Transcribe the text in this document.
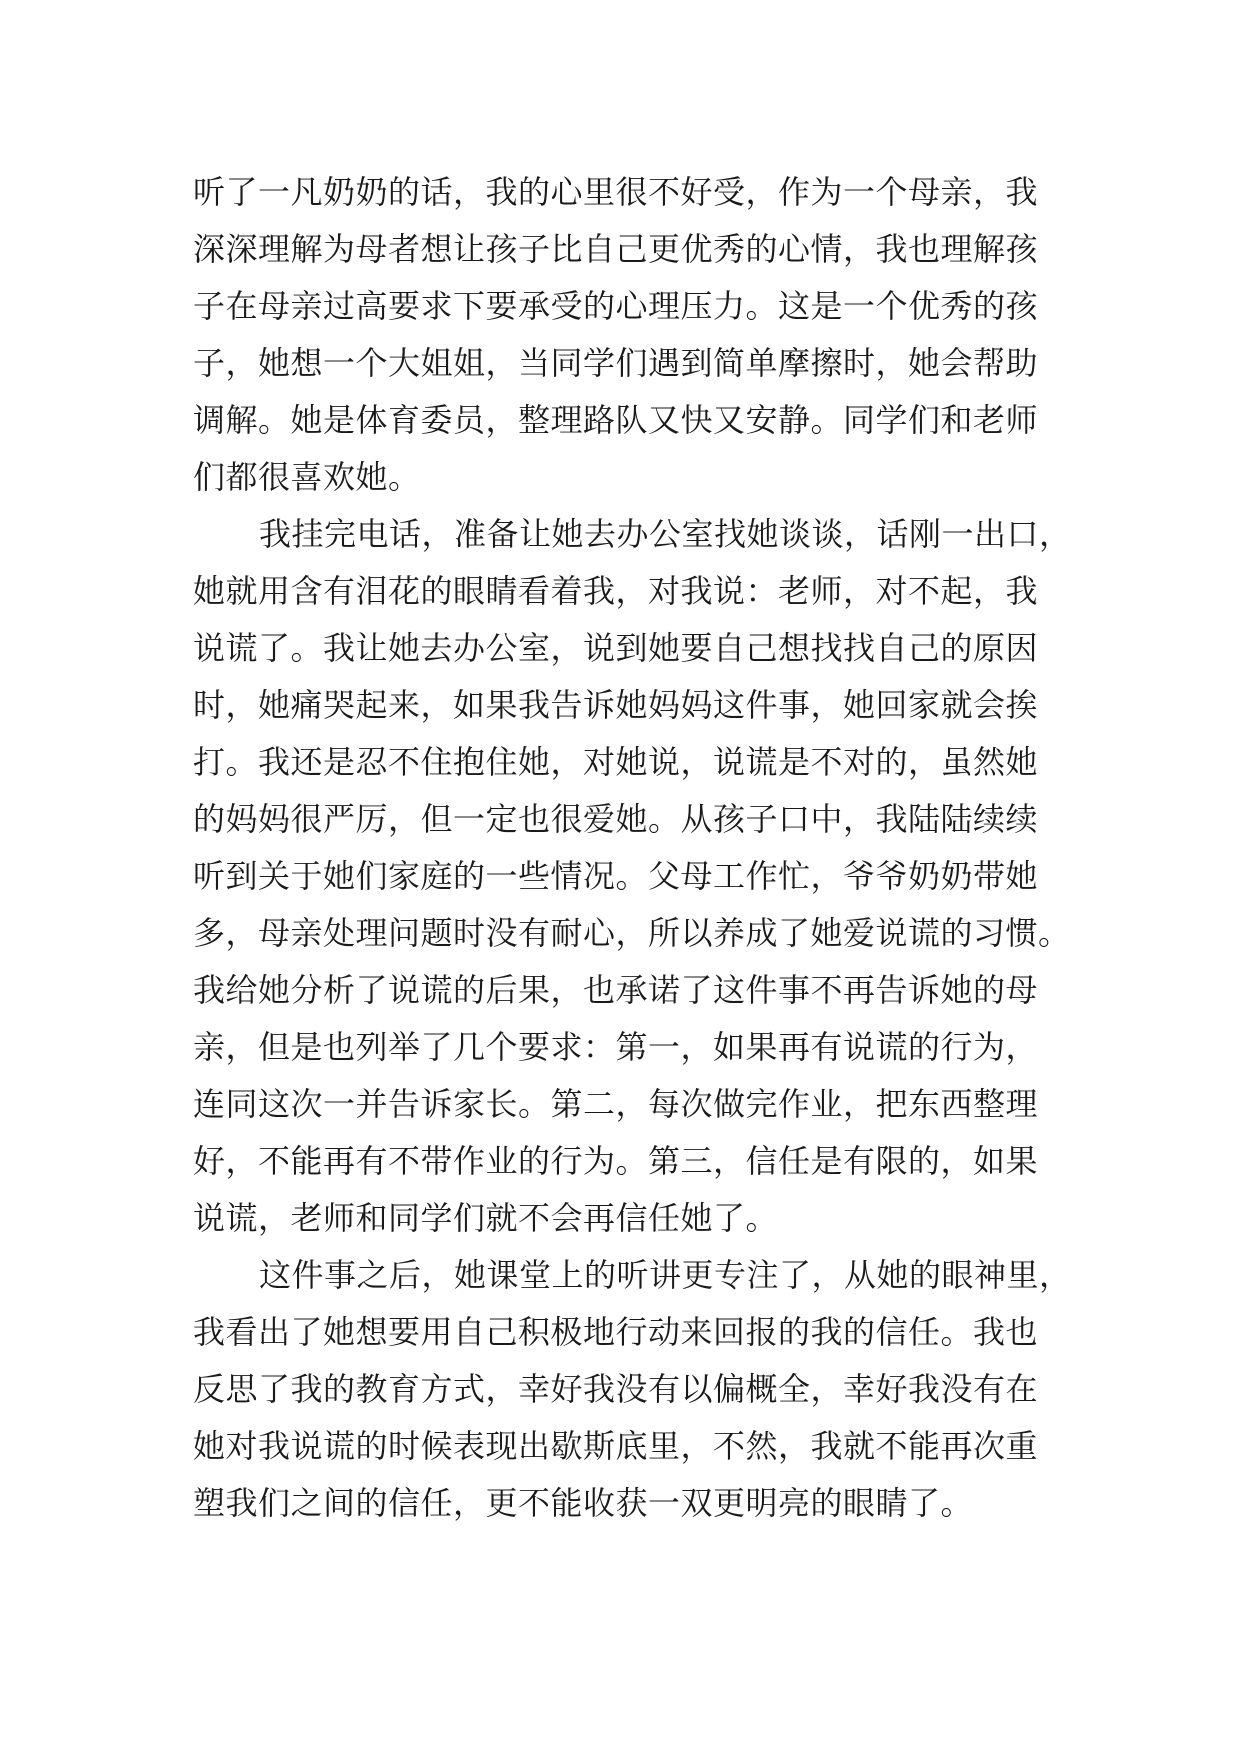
听了一凡奶奶的话，我的心里很不好受，作为一个母亲，我
深深理解为母者想让孩子比自己更优秀的心情，我也理解孩
子在母亲过高要求下要承受的心理压力。这是一个优秀的孩
子，她想一个大姐姐，当同学们遇到简单摩擦时，她会帮助
调解。她是体育委员，整理路队又快又安静。同学们和老师
们都很喜欢她。
我挂完电话，准备让她去办公室找她谈谈，话刚一出口，
她就用含有泪花的眼睛看着我，对我说：老师，对不起，我
说谎了。我让她去办公室，说到她要自己想找找自己的原因
时，她痛哭起来，如果我告诉她妈妈这件事，她回家就会挨
打。我还是忍不住抱住她，对她说，说谎是不对的，虽然她
的妈妈很严厉，但一定也很爱她。从孩子口中，我陆陆续续
听到关于她们家庭的一些情况。父母工作忙，爷爷奶奶带她
多，母亲处理问题时没有耐心，所以养成了她爱说谎的习惯。
我给她分析了说谎的后果，也承诺了这件事不再告诉她的母
亲，但是也列举了几个要求：第一，如果再有说谎的行为，
连同这次一并告诉家长。第二，每次做完作业，把东西整理
好，不能再有不带作业的行为。第三，信任是有限的，如果
说谎，老师和同学们就不会再信任她了。
这件事之后，她课堂上的听讲更专注了，从她的眼神里，
我看出了她想要用自己积极地行动来回报的我的信任。我也
反思了我的教育方式，幸好我没有以偏概全，幸好我没有在
她对我说谎的时候表现出歇斯底里，不然，我就不能再次重
塑我们之间的信任，更不能收获一双更明亮的眼睛了。
